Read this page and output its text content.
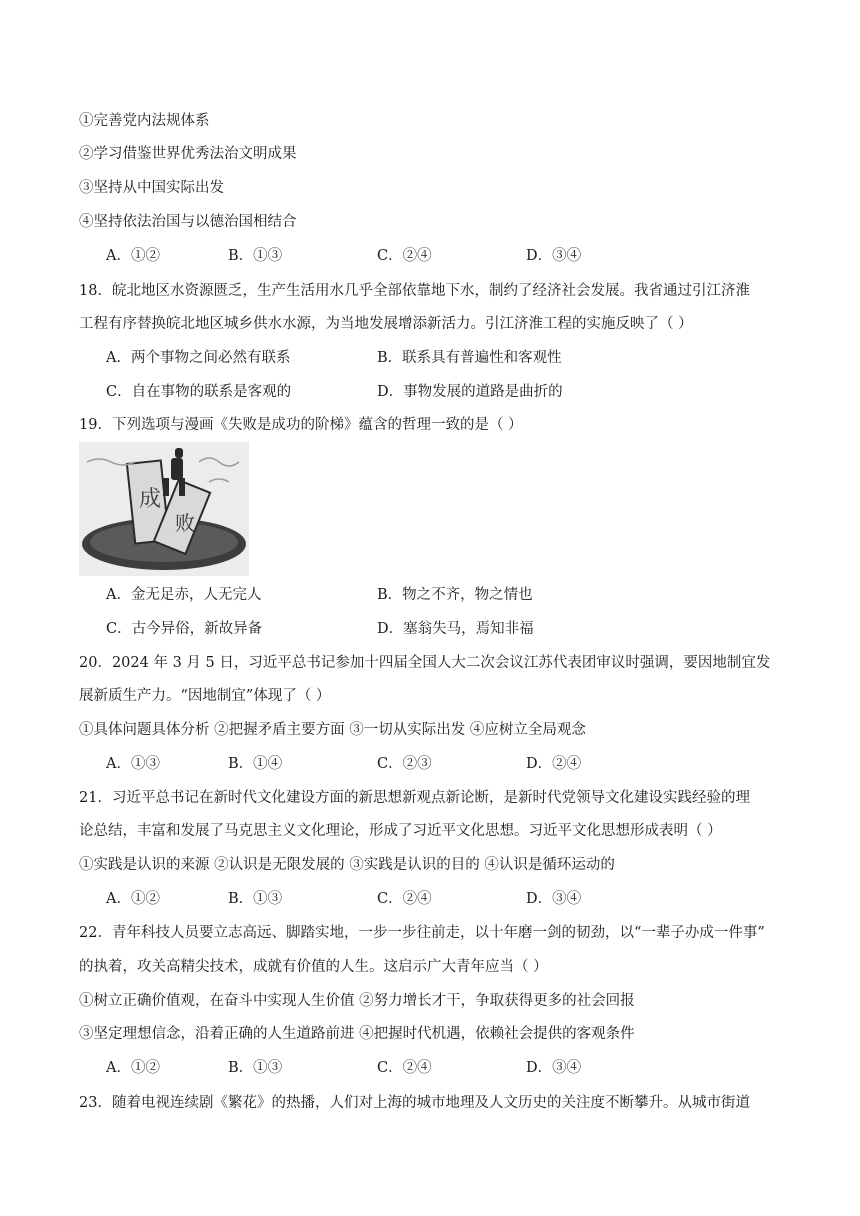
①完善党内法规体系
②学习借鉴世界优秀法治文明成果
③坚持从中国实际出发
④坚持依法治国与以德治国相结合
A．①②	B．①③	C．②④	D．③④
18．皖北地区水资源匮乏，生产生活用水几乎全部依靠地下水，制约了经济社会发展。我省通过引江济淮
工程有序替换皖北地区城乡供水水源，为当地发展增添新活力。引江济淮工程的实施反映了（ ）
A．两个事物之间必然有联系	B．联系具有普遍性和客观性
C．自在事物的联系是客观的	D．事物发展的道路是曲折的
19．下列选项与漫画《失败是成功的阶梯》蕴含的哲理一致的是（ ）
成
败
A．金无足赤，人无完人	B．物之不齐，物之情也
C．古今异俗，新故异备	D．塞翁失马，焉知非福
20．2024 年 3 月 5 日，习近平总书记参加十四届全国人大二次会议江苏代表团审议时强调，要因地制宜发
展新质生产力。“因地制宜”体现了（ ）
①具体问题具体分析 ②把握矛盾主要方面 ③一切从实际出发 ④应树立全局观念
A．①③	B．①④	C．②③	D．②④
21．习近平总书记在新时代文化建设方面的新思想新观点新论断，是新时代党领导文化建设实践经验的理
论总结，丰富和发展了马克思主义文化理论，形成了习近平文化思想。习近平文化思想形成表明（ ）
①实践是认识的来源 ②认识是无限发展的 ③实践是认识的目的 ④认识是循环运动的
A．①②	B．①③	C．②④	D．③④
22．青年科技人员要立志高远、脚踏实地，一步一步往前走，以十年磨一剑的韧劲，以“一辈子办成一件事”
的执着，攻关高精尖技术，成就有价值的人生。这启示广大青年应当（ ）
①树立正确价值观，在奋斗中实现人生价值 ②努力增长才干，争取获得更多的社会回报
③坚定理想信念，沿着正确的人生道路前进 ④把握时代机遇，依赖社会提供的客观条件
A．①②	B．①③	C．②④	D．③④
23．随着电视连续剧《繁花》的热播，人们对上海的城市地理及人文历史的关注度不断攀升。从城市街道
